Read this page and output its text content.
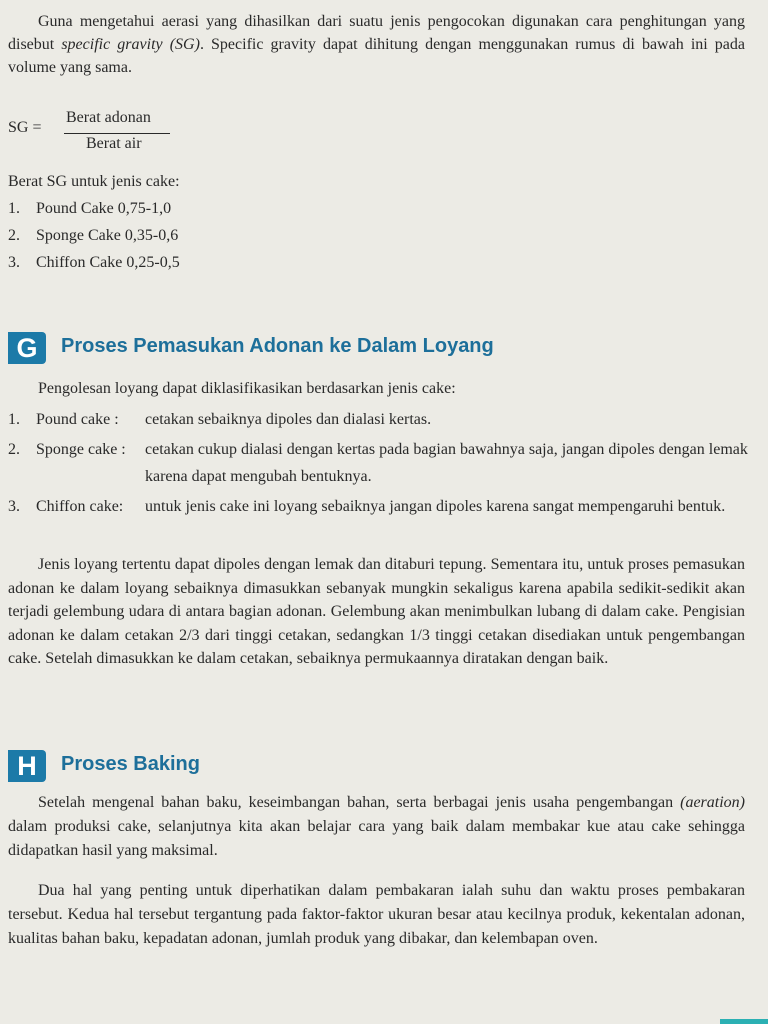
Guna mengetahui aerasi yang dihasilkan dari suatu jenis pengocokan digunakan cara penghitungan yang disebut specific gravity (SG). Specific gravity dapat dihitung dengan menggunakan rumus di bawah ini pada volume yang sama.

SG =
Berat adonan
Berat air
Berat SG untuk jenis cake:
1. Pound Cake 0,75-1,0
2. Sponge Cake 0,35-0,6
3. Chiffon Cake 0,25-0,5
G	Proses Pemasukan Adonan ke Dalam Loyang
Pengolesan loyang dapat diklasifikasikan berdasarkan jenis cake:
1. Pound cake : cetakan sebaiknya dipoles dan dialasi kertas.
2. Sponge cake : cetakan cukup dialasi dengan kertas pada bagian bawahnya saja, jangan dipoles dengan lemak karena dapat mengubah bentuknya.
3. Chiffon cake: untuk jenis cake ini loyang sebaiknya jangan dipoles karena sangat mempengaruhi bentuk.
Jenis loyang tertentu dapat dipoles dengan lemak dan ditaburi tepung. Sementara itu, untuk proses pemasukan adonan ke dalam loyang sebaiknya dimasukkan sebanyak mungkin sekaligus karena apabila sedikit-sedikit akan terjadi gelembung udara di antara bagian adonan. Gelembung akan menimbulkan lubang di dalam cake. Pengisian adonan ke dalam cetakan 2/3 dari tinggi cetakan, sedangkan 1/3 tinggi cetakan disediakan untuk pengembangan cake. Setelah dimasukkan ke dalam cetakan, sebaiknya permukaannya diratakan dengan baik.
H	Proses Baking

Setelah mengenal bahan baku, keseimbangan bahan, serta berbagai jenis usaha pengembangan (aeration) dalam produksi cake, selanjutnya kita akan belajar cara yang baik dalam membakar kue atau cake sehingga didapatkan hasil yang maksimal.

Dua hal yang penting untuk diperhatikan dalam pembakaran ialah suhu dan waktu proses pembakaran tersebut. Kedua hal tersebut tergantung pada faktor-faktor ukuran besar atau kecilnya produk, kekentalan adonan, kualitas bahan baku, kepadatan adonan, jumlah produk yang dibakar, dan kelembapan oven.
